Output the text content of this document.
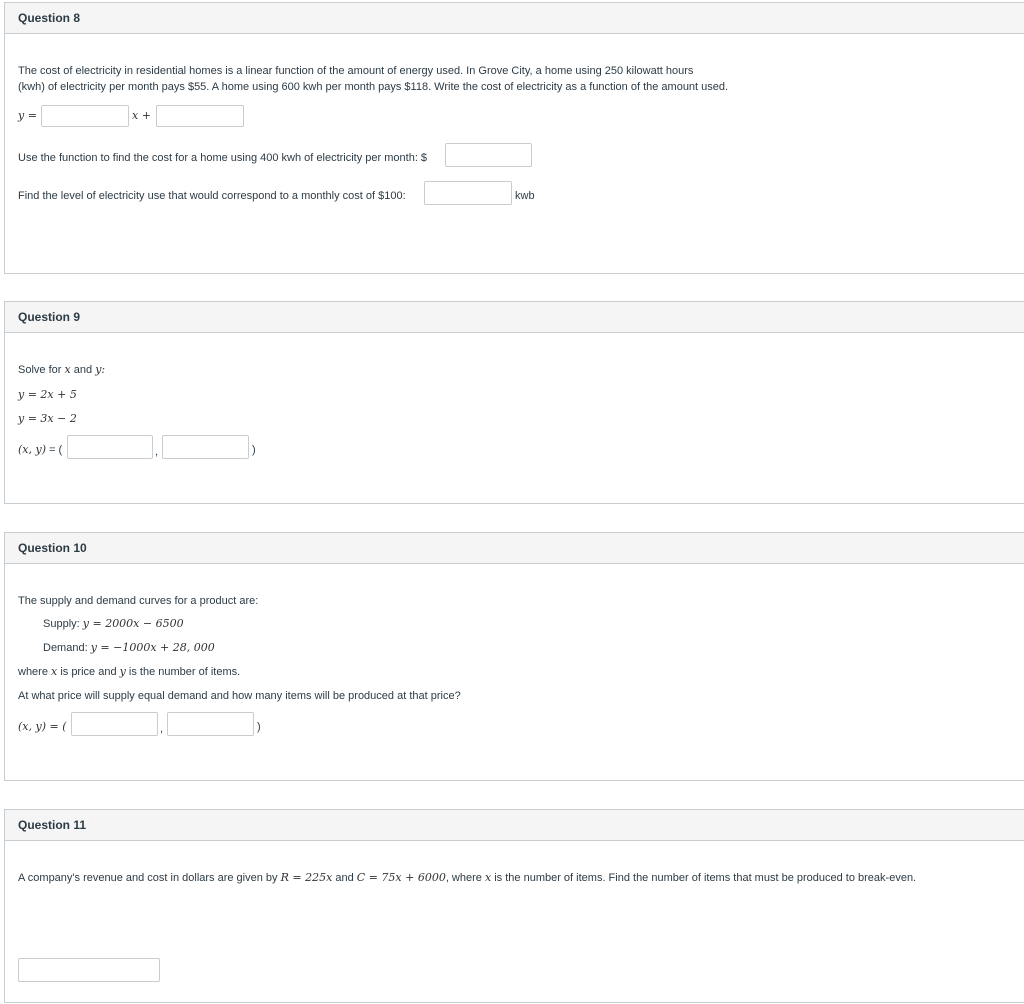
Question 8
The cost of electricity in residential homes is a linear function of the amount of energy used. In Grove City, a home using 250 kilowatt hours
(kwh) of electricity per month pays $55. A home using 600 kwh per month pays $118. Write the cost of electricity as a function of the amount used.
y =	x +
Use the function to find the cost for a home using 400 kwh of electricity per month: $
Find the level of electricity use that would correspond to a monthly cost of $100:	kwb
Question 9
Solve for x and y:
y = 2x + 5
y = 3x − 2
(x, y) = (	,	)
Question 10
The supply and demand curves for a product are:
Supply: y = 2000x − 6500
Demand: y = −1000x + 28, 000
where x is price and y is the number of items.
At what price will supply equal demand and how many items will be produced at that price?
(x, y) = (	,	)
Question 11
A company's revenue and cost in dollars are given by R = 225x and C = 75x + 6000, where x is the number of items. Find the number of items that must be produced to break-even.
